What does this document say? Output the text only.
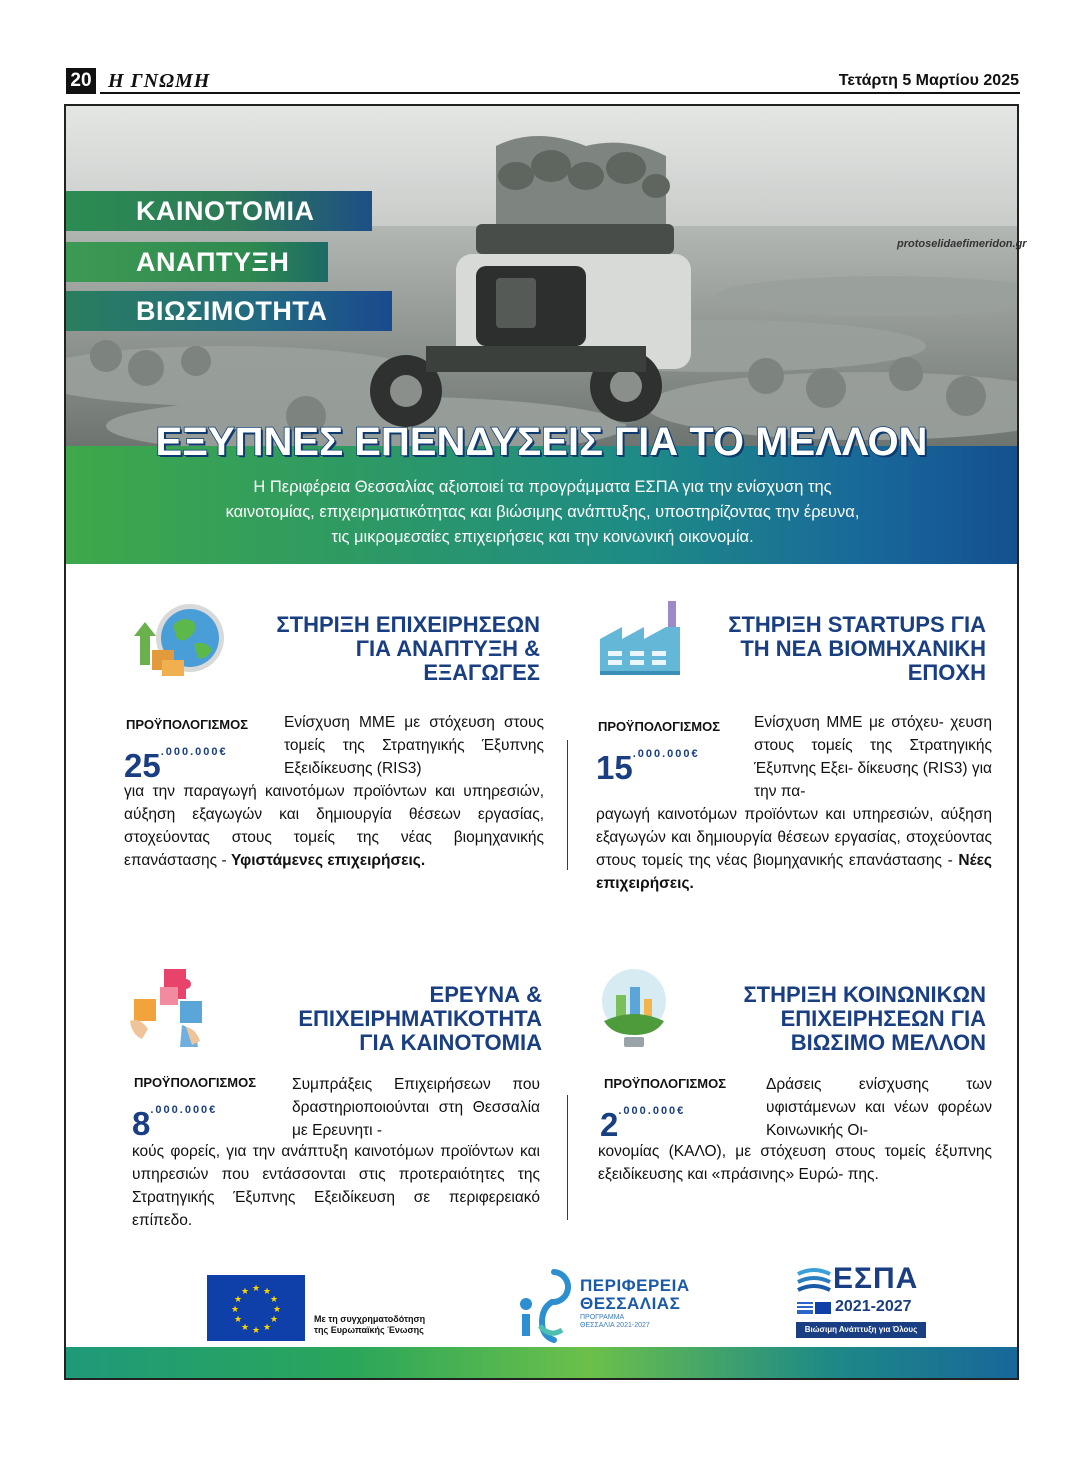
20 Η ΓΝΩΜΗ	Τετάρτη 5 Μαρτίου 2025
protoselidaefimeridon.gr
ΚΑΙΝΟΤΟΜΙΑ
ΑΝΑΠΤΥΞΗ
ΒΙΩΣΙΜΟΤΗΤΑ
ΕΞΥΠΝΕΣ ΕΠΕΝΔΥΣΕΙΣ ΓΙΑ ΤΟ ΜΕΛΛΟΝ
Η Περιφέρεια Θεσσαλίας αξιοποιεί τα προγράμματα ΕΣΠΑ για την ενίσχυση της
καινοτομίας, επιχειρηματικότητας και βιώσιμης ανάπτυξης, υποστηρίζοντας την έρευνα,
τις μικρομεσαίες επιχειρήσεις και την κοινωνική οικονομία.
ΣΤΗΡΙΞΗ ΕΠΙΧΕΙΡΗΣΕΩΝ
ΓΙΑ ΑΝΑΠΤΥΞΗ &
ΕΞΑΓΩΓΕΣ
ΠΡΟΫΠΟΛΟΓΙΣΜΟΣ
$25^{.000.000€}$
Ενίσχυση ΜΜΕ με στόχευση στους τομείς της Στρατηγικής Έξυπνης Εξειδίκευσης (RIS3)
για την παραγωγή καινοτόμων προϊόντων και υπηρεσιών, αύξηση εξαγωγών και δημιουργία θέσεων εργασίας, στοχεύοντας στους τομείς της νέας βιομηχανικής επανάστασης - Υφιστάμενες επιχειρήσεις.
ΣΤΗΡΙΞΗ STARTUPS ΓΙΑ
ΤΗ ΝΕΑ ΒΙΟΜΗΧΑΝΙΚΗ
ΕΠΟΧΗ
ΠΡΟΫΠΟΛΟΓΙΣΜΟΣ
$15^{.000.000€}$
Ενίσχυση ΜΜΕ με στόχευ- χευση στους τομείς της Στρατηγικής Έξυπνης Εξει- δίκευσης (RIS3) για την πα-
ραγωγή καινοτόμων προϊόντων και υπηρεσιών, αύξηση εξαγωγών και δημιουργία θέσεων εργασίας, στοχεύοντας στους τομείς της νέας βιομηχανικής επανάστασης - Νέες επιχειρήσεις.
ΕΡΕΥΝΑ &
ΕΠΙΧΕΙΡΗΜΑΤΙΚΟΤΗΤΑ
ΓΙΑ ΚΑΙΝΟΤΟΜΙΑ
ΠΡΟΫΠΟΛΟΓΙΣΜΟΣ
$8^{.000.000€}$
Συμπράξεις Επιχειρήσεων που δραστηριοποιούνται στη Θεσσαλία με Ερευνητι -
κούς φορείς, για την ανάπτυξη καινοτόμων προϊόντων και υπηρεσιών που εντάσσονται στις προτεραιότητες της Στρατηγικής Έξυπνης Εξειδίκευση σε περιφερειακό επίπεδο.
ΣΤΗΡΙΞΗ ΚΟΙΝΩΝΙΚΩΝ
ΕΠΙΧΕΙΡΗΣΕΩΝ ΓΙΑ
ΒΙΩΣΙΜΟ ΜΕΛΛΟΝ
ΠΡΟΫΠΟΛΟΓΙΣΜΟΣ
$2^{.000.000€}$
Δράσεις ενίσχυσης των υφιστάμενων και νέων φορέων Κοινωνικής Οι-
κονομίας (ΚΑΛΟ), με στόχευση στους τομείς έξυπνης εξειδίκευσης και «πράσινης» Ευρώ- πης.
★ ★
★
★
★
★
★
★
★
★
★
★
Με τη συγχρηματοδότηση
της Ευρωπαϊκής Ένωσης
ΠΕΡΙΦΕΡΕΙΑ
ΘΕΣΣΑΛΙΑΣ
ΠΡΟΓΡΑΜΜΑ
ΘΕΣΣΑΛΙΑ 2021-2027
ΕΣΠΑ
2021-2027
Βιώσιμη Ανάπτυξη για Όλους
